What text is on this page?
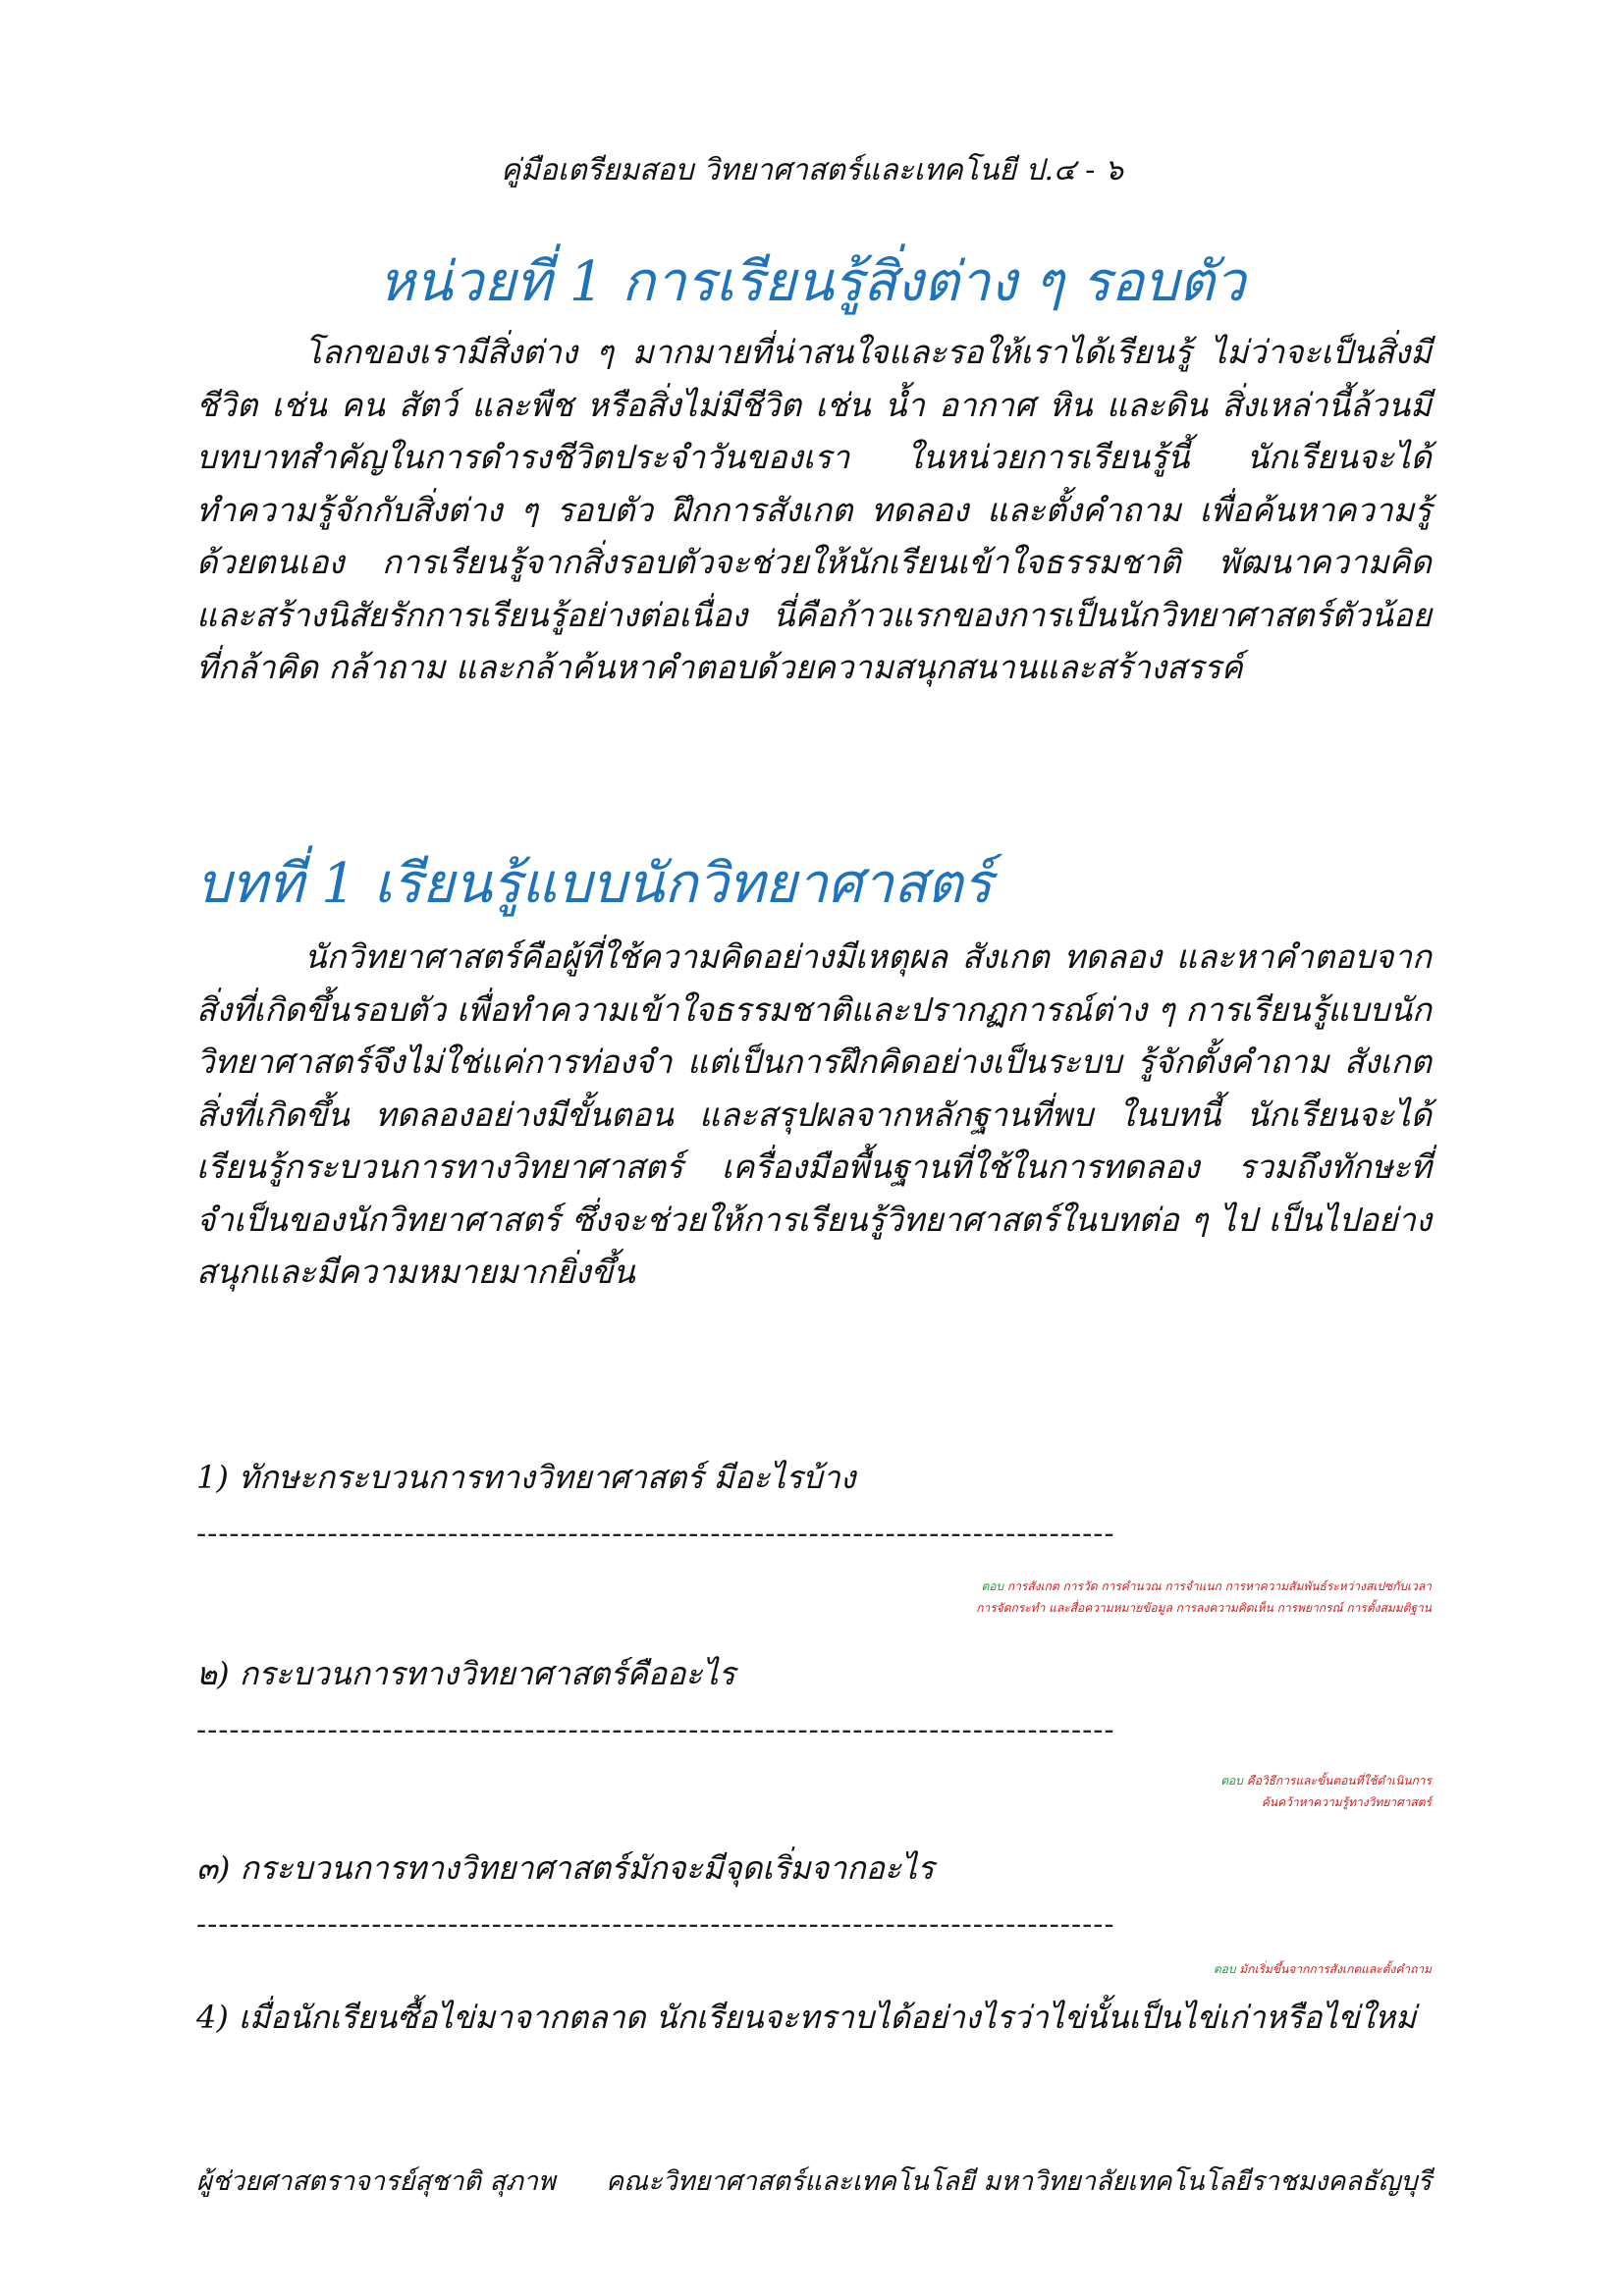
คู่มือเตรียมสอบ วิทยาศาสตร์และเทคโนยี ป.๔ - ๖
หน่วยที่ 1 การเรียนรู้สิ่งต่าง ๆ รอบตัว

โลกของเรามีสิ่งต่าง ๆ มากมายที่น่าสนใจและรอให้เราได้เรียนรู้ ไม่ว่าจะเป็นสิ่งมีชีวิต เช่น คน สัตว์ และพืช หรือสิ่งไม่มีชีวิต เช่น น้ำ อากาศ หิน และดิน สิ่งเหล่านี้ล้วนมีบทบาทสำคัญในการดำรงชีวิตประจำวันของเรา ในหน่วยการเรียนรู้นี้ นักเรียนจะได้ทำความรู้จักกับสิ่งต่าง ๆ รอบตัว ฝึกการสังเกต ทดลอง และตั้งคำถาม เพื่อค้นหาความรู้ด้วยตนเอง การเรียนรู้จากสิ่งรอบตัวจะช่วยให้นักเรียนเข้าใจธรรมชาติ พัฒนาความคิด และสร้างนิสัยรักการเรียนรู้อย่างต่อเนื่อง นี่คือก้าวแรกของการเป็นนักวิทยาศาสตร์ตัวน้อยที่กล้าคิด กล้าถาม และกล้าค้นหาคำตอบด้วยความสนุกสนานและสร้างสรรค์

บทที่ 1 เรียนรู้แบบนักวิทยาศาสตร์

นักวิทยาศาสตร์คือผู้ที่ใช้ความคิดอย่างมีเหตุผล สังเกต ทดลอง และหาคำตอบจากสิ่งที่เกิดขึ้นรอบตัว เพื่อทำความเข้าใจธรรมชาติและปรากฏการณ์ต่าง ๆ การเรียนรู้แบบนักวิทยาศาสตร์จึงไม่ใช่แค่การท่องจำ แต่เป็นการฝึกคิดอย่างเป็นระบบ รู้จักตั้งคำถาม สังเกตสิ่งที่เกิดขึ้น ทดลองอย่างมีขั้นตอน และสรุปผลจากหลักฐานที่พบ ในบทนี้ นักเรียนจะได้เรียนรู้กระบวนการทางวิทยาศาสตร์ เครื่องมือพื้นฐานที่ใช้ในการทดลอง รวมถึงทักษะที่จำเป็นของนักวิทยาศาสตร์ ซึ่งจะช่วยให้การเรียนรู้วิทยาศาสตร์ในบทต่อ ๆ ไป เป็นไปอย่างสนุกและมีความหมายมากยิ่งขึ้น

1) ทักษะกระบวนการทางวิทยาศาสตร์ มีอะไรบ้าง
------------------------------------------------------------------------------------
ตอบ การสังเกต การวัด การคำนวณ การจำแนก การหาความสัมพันธ์ระหว่างสเปซกับเวลา
การจัดกระทำ และสื่อความหมายข้อมูล การลงความคิดเห็น การพยากรณ์ การตั้งสมมติฐาน
๒) กระบวนการทางวิทยาศาสตร์คืออะไร
------------------------------------------------------------------------------------
ตอบ คือวิธีการและขั้นตอนที่ใช้ดำเนินการ
ค้นคว้าหาความรู้ทางวิทยาศาสตร์
๓) กระบวนการทางวิทยาศาสตร์มักจะมีจุดเริ่มจากอะไร
------------------------------------------------------------------------------------
ตอบ มักเริ่มขึ้นจากการสังเกตและตั้งคำถาม
4) เมื่อนักเรียนซื้อไข่มาจากตลาด นักเรียนจะทราบได้อย่างไรว่าไข่นั้นเป็นไข่เก่าหรือไข่ใหม่
ผู้ช่วยศาสตราจารย์สุชาติ สุภาพ คณะวิทยาศาสตร์และเทคโนโลยี มหาวิทยาลัยเทคโนโลยีราชมงคลธัญบุรี
